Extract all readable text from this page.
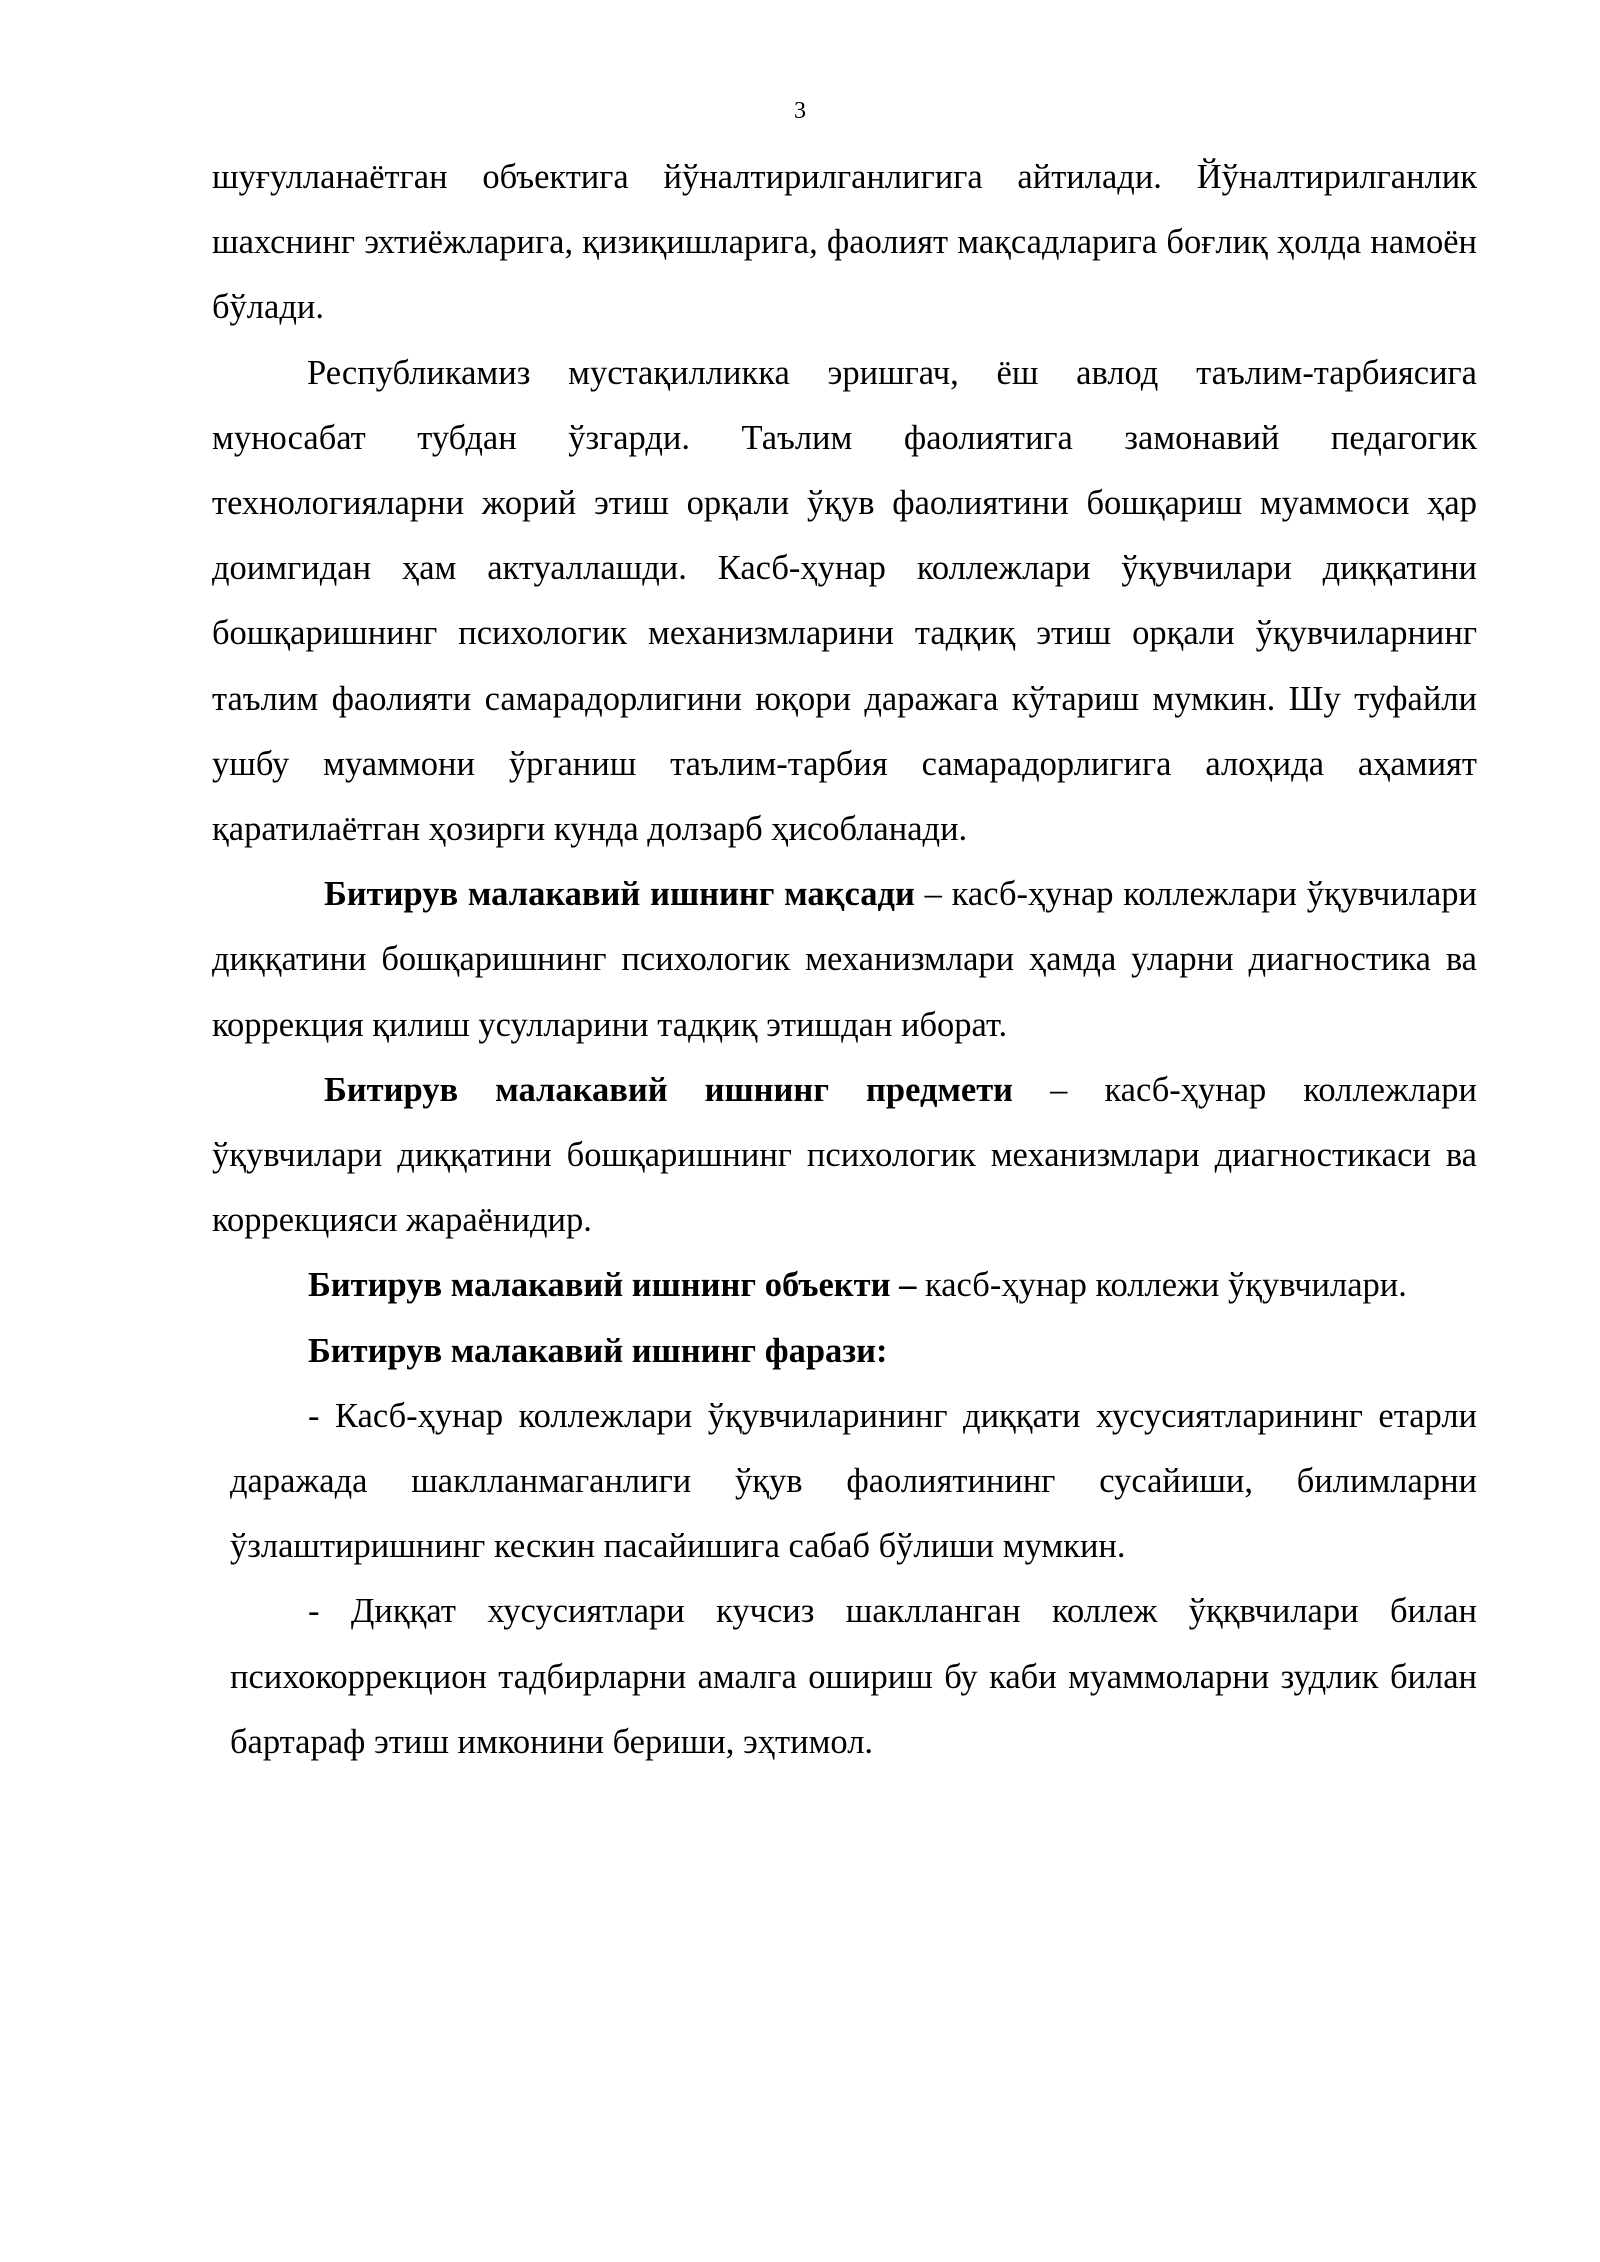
3

шуғулланаётган объектига йўналтирилганлигига айтилади. Йўналтирилганлик шахснинг эхтиёжларига, қизиқишларига, фаолият мақсадларига боғлиқ ҳолда намоён бўлади.

Республикамиз мустақилликка эришгач, ёш авлод таълим-тарбиясига муносабат тубдан ўзгарди. Таълим фаолиятига замонавий педагогик технологияларни жорий этиш орқали ўқув фаолиятини бошқариш муаммоси ҳар доимгидан ҳам актуаллашди. Касб-ҳунар коллежлари ўқувчилари диққатини бошқаришнинг психологик механизмларини тадқиқ этиш орқали ўқувчиларнинг таълим фаолияти самарадорлигини юқори даражага кўтариш мумкин. Шу туфайли ушбу муаммони ўрганиш таълим-тарбия самарадорлигига алоҳида аҳамият қаратилаётган ҳозирги кунда долзарб ҳисобланади.

Битирув малакавий ишнинг мақсади – касб-ҳунар коллежлари ўқувчилари диққатини бошқаришнинг психологик механизмлари ҳамда уларни диагностика ва коррекция қилиш усулларини тадқиқ этишдан иборат.

Битирув малакавий ишнинг предмети – касб-ҳунар коллежлари ўқувчилари диққатини бошқаришнинг психологик механизмлари диагностикаси ва коррекцияси жараёнидир.

Битирув малакавий ишнинг объекти – касб-ҳунар коллежи ўқувчилари.

Битирув малакавий ишнинг фарази:

- Касб-ҳунар коллежлари ўқувчиларининг диққати хусусиятларининг етарли даражада шаклланмаганлиги ўқув фаолиятининг сусайиши, билимларни ўзлаштиришнинг кескин пасайишига сабаб бўлиши мумкин.

- Диққат хусусиятлари кучсиз шаклланган коллеж ўққвчилари билан психокоррекцион тадбирларни амалга ошириш бу каби муаммоларни зудлик билан бартараф этиш имконини бериши, эҳтимол.
